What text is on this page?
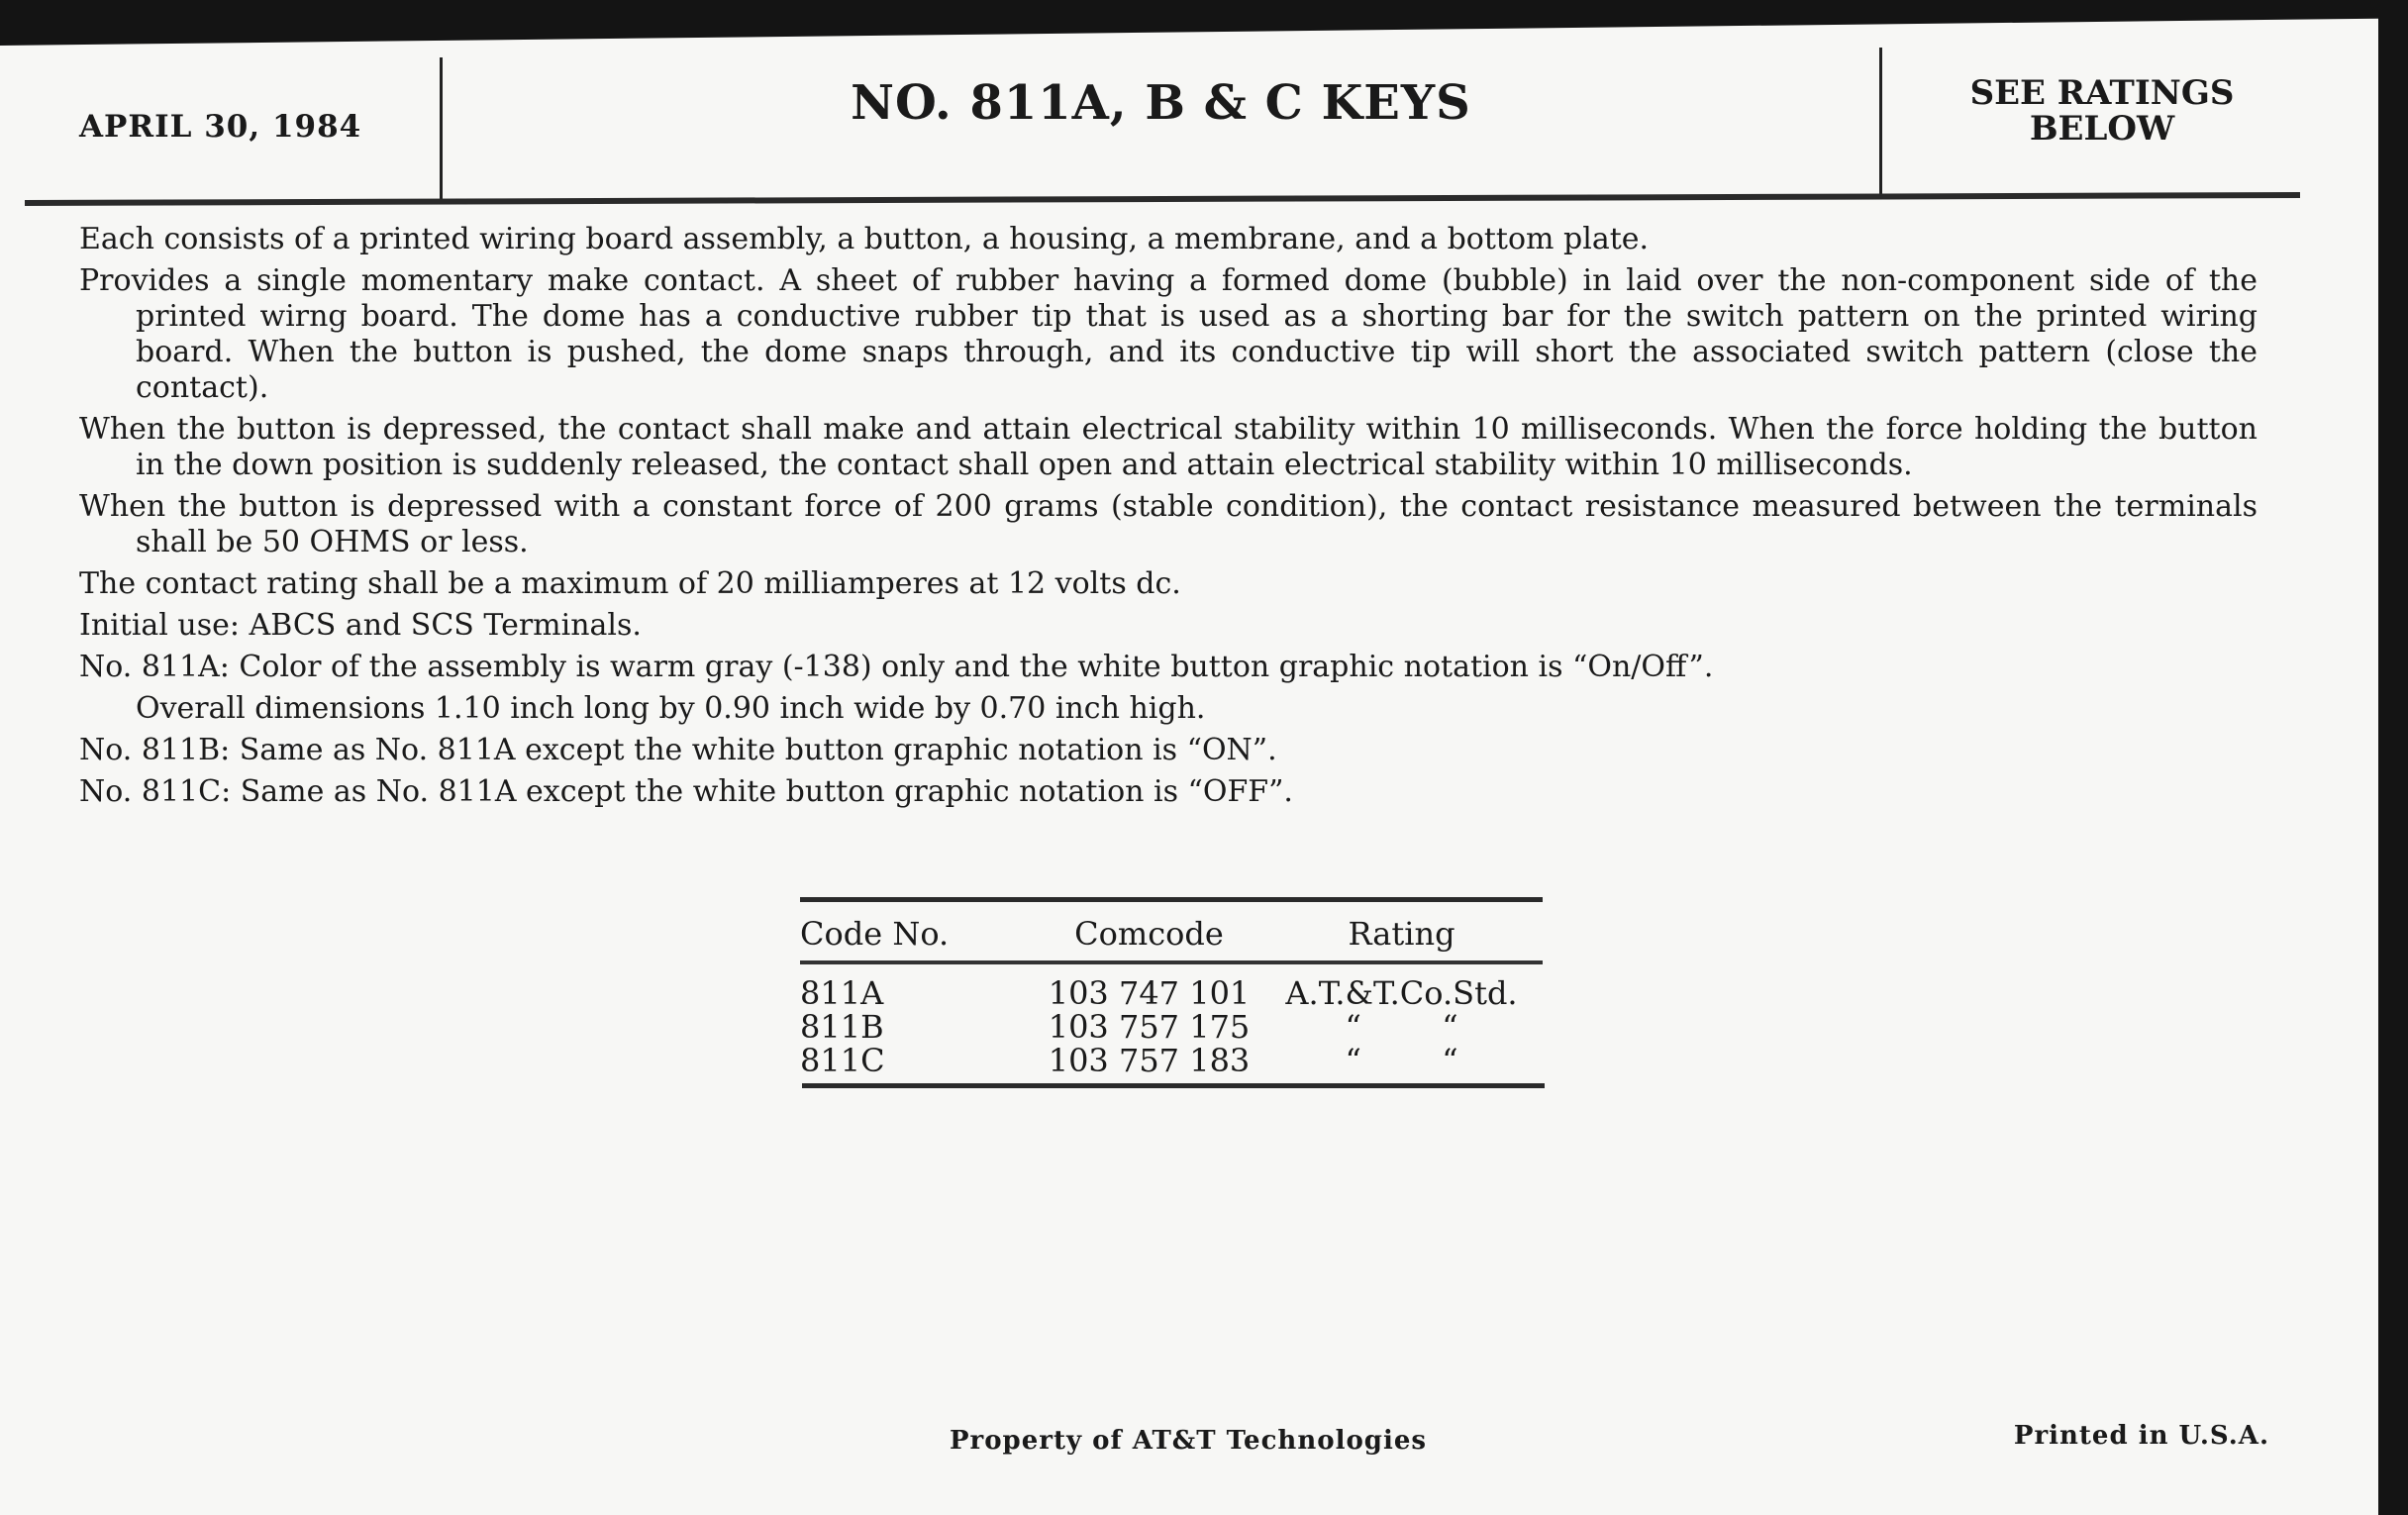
APRIL 30, 1984	NO. 811A, B & C KEYS	SEE RATINGS
BELOW

Each consists of a printed wiring board assembly, a button, a housing, a membrane, and a bottom plate.

Provides a single momentary make contact. A sheet of rubber having a formed dome (bubble) in laid over the non-component side of the printed wirng board. The dome has a conductive rubber tip that is used as a shorting bar for the switch pattern on the printed wiring board. When the button is pushed, the dome snaps through, and its conductive tip will short the associated switch pattern (close the contact).

When the button is depressed, the contact shall make and attain electrical stability within 10 milliseconds. When the force holding the button in the down position is suddenly released, the contact shall open and attain electrical stability within 10 milliseconds.

When the button is depressed with a constant force of 200 grams (stable condition), the contact resistance measured between the terminals shall be 50 OHMS or less.

The contact rating shall be a maximum of 20 milliamperes at 12 volts dc.

Initial use: ABCS and SCS Terminals.

No. 811A: Color of the assembly is warm gray (-138) only and the white button graphic notation is “On/Off”.

Overall dimensions 1.10 inch long by 0.90 inch wide by 0.70 inch high.

No. 811B: Same as No. 811A except the white button graphic notation is “ON”.

No. 811C: Same as No. 811A except the white button graphic notation is “OFF”.

Code No.	Comcode	Rating
811A	103 747 101	A.T.&T.Co.Std.
811B	103 757 175	“        “
811C	103 757 183	“        “
Property of AT&T Technologies	Printed in U.S.A.
